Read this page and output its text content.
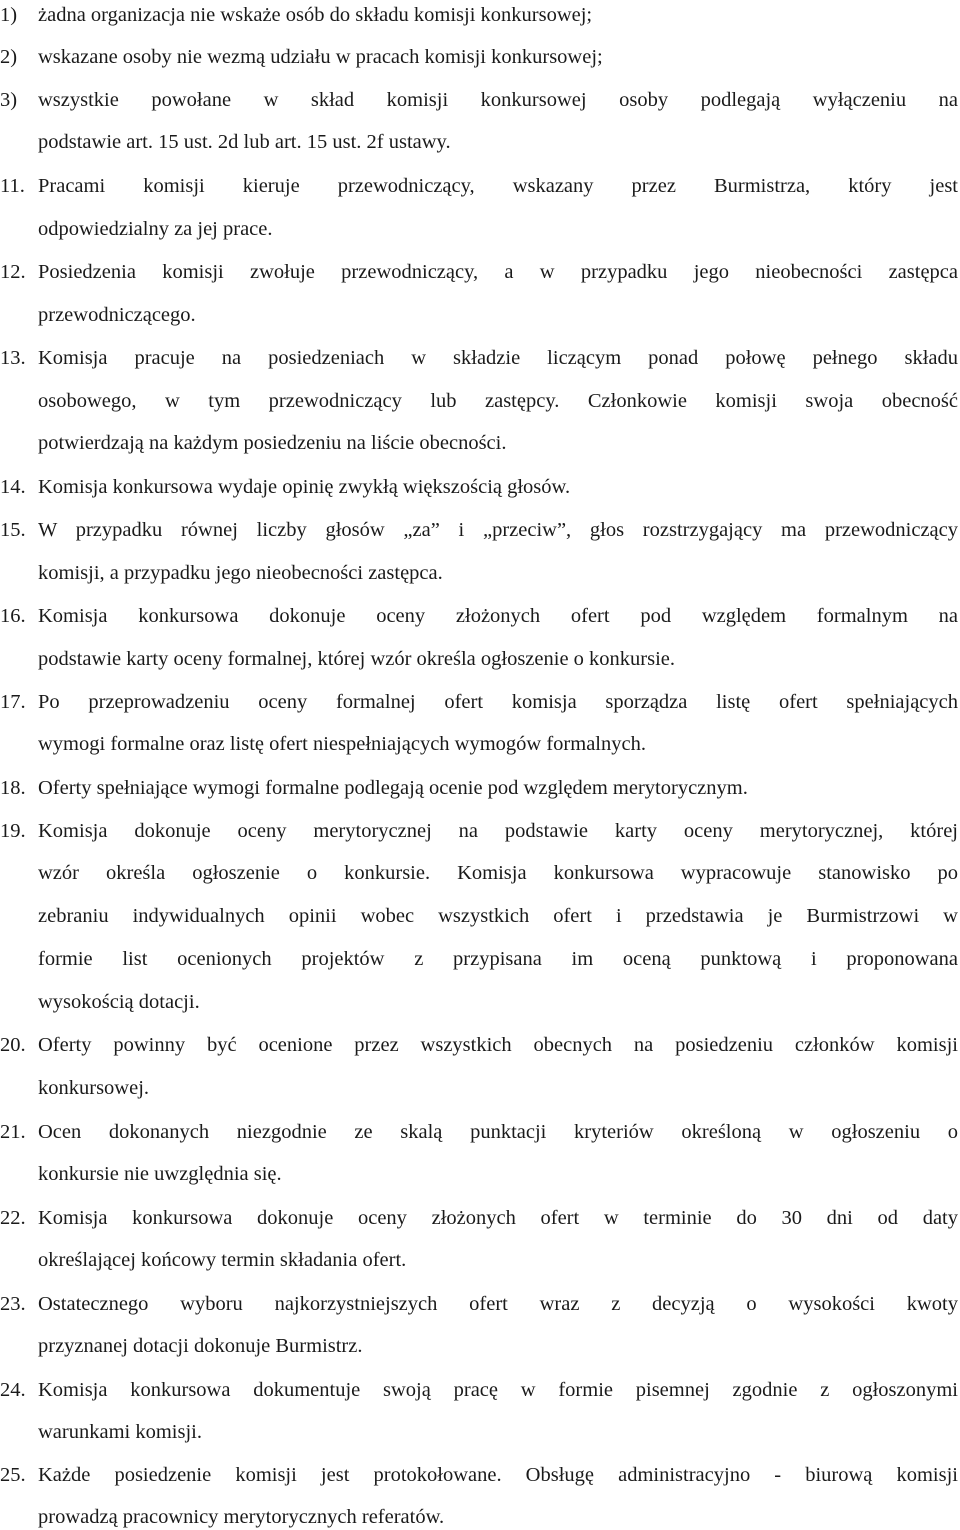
1)	żadna organizacja nie wskaże osób do składu komisji konkursowej;
2)	wskazane osoby nie wezmą udziału w pracach komisji konkursowej;
3)	wszystkie powołane w skład komisji konkursowej osoby podlegają wyłączeniu na
podstawie art. 15 ust. 2d lub art. 15 ust. 2f ustawy.
11. Pracami komisji kieruje przewodniczący, wskazany przez Burmistrza, który jest
odpowiedzialny za jej prace.
12. Posiedzenia komisji zwołuje przewodniczący, a w przypadku jego nieobecności zastępca
przewodniczącego.
13. Komisja pracuje na posiedzeniach w składzie liczącym ponad połowę pełnego składu
osobowego, w tym przewodniczący lub zastępcy. Członkowie komisji swoja obecność
potwierdzają na każdym posiedzeniu na liście obecności.
14. Komisja konkursowa wydaje opinię zwykłą większością głosów.
15. W przypadku równej liczby głosów „za” i „przeciw”, głos rozstrzygający ma przewodniczący
komisji, a przypadku jego nieobecności zastępca.
16. Komisja konkursowa dokonuje oceny złożonych ofert pod względem formalnym na
podstawie karty oceny formalnej, której wzór określa ogłoszenie o konkursie.
17. Po przeprowadzeniu oceny formalnej ofert komisja sporządza listę ofert spełniających
wymogi formalne oraz listę ofert niespełniających wymogów formalnych.
18. Oferty spełniające wymogi formalne podlegają ocenie pod względem merytorycznym.
19. Komisja dokonuje oceny merytorycznej na podstawie karty oceny merytorycznej, której
wzór określa ogłoszenie o konkursie. Komisja konkursowa wypracowuje stanowisko po
zebraniu indywidualnych opinii wobec wszystkich ofert i przedstawia je Burmistrzowi w
formie list ocenionych projektów z przypisana im oceną punktową i proponowana
wysokością dotacji.
20. Oferty powinny być ocenione przez wszystkich obecnych na posiedzeniu członków komisji
konkursowej.
21. Ocen dokonanych niezgodnie ze skalą punktacji kryteriów określoną w ogłoszeniu o
konkursie nie uwzględnia się.
22. Komisja konkursowa dokonuje oceny złożonych ofert w terminie do 30 dni od daty
określającej końcowy termin składania ofert.
23. Ostatecznego wyboru najkorzystniejszych ofert wraz z decyzją o wysokości kwoty
przyznanej dotacji dokonuje Burmistrz.
24. Komisja konkursowa dokumentuje swoją pracę w formie pisemnej zgodnie z ogłoszonymi
warunkami komisji.
25. Każde posiedzenie komisji jest protokołowane. Obsługę administracyjno - biurową komisji
prowadzą pracownicy merytorycznych referatów.
